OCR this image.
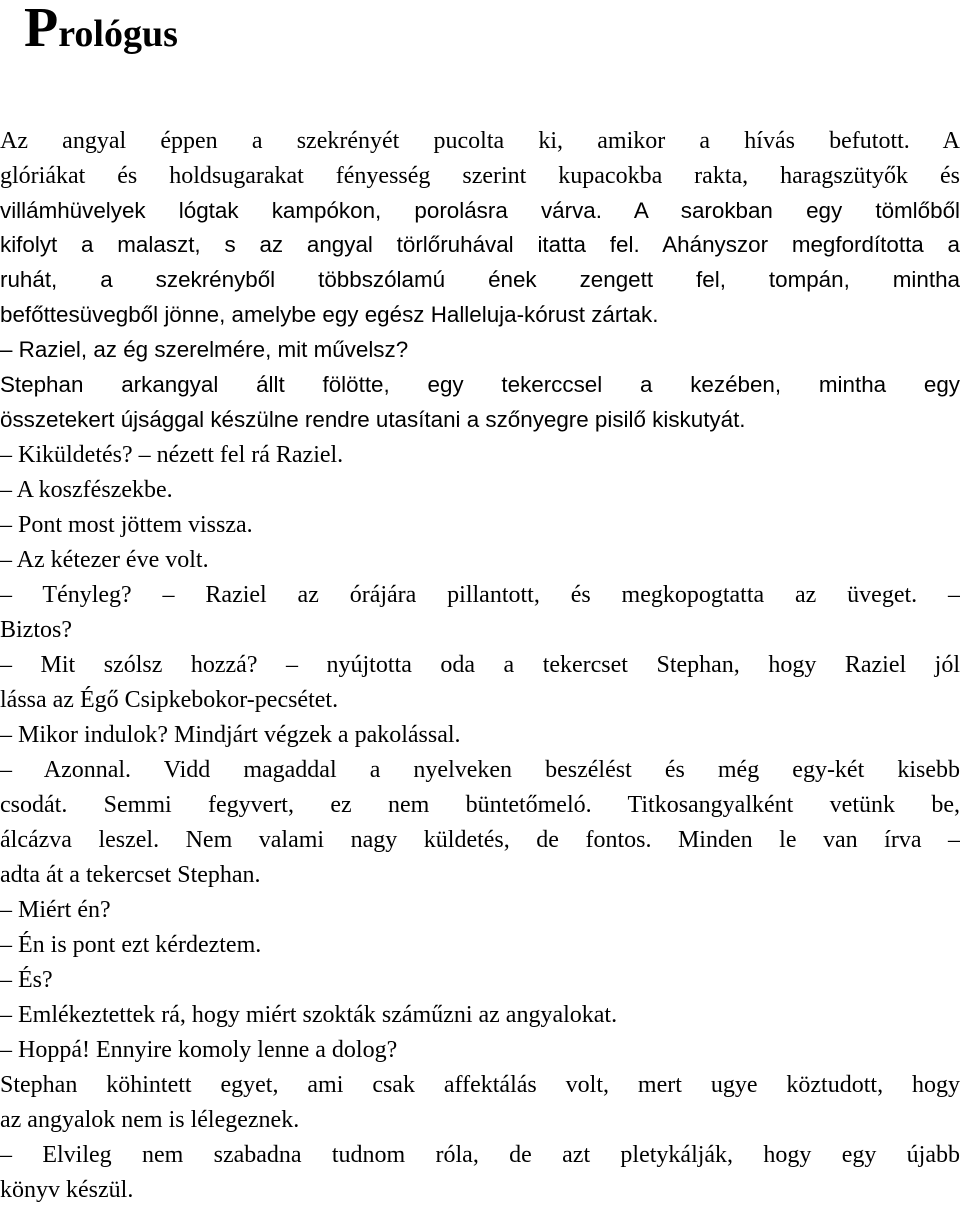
Prológus
Az angyal éppen a szekrényét pucolta ki, amikor a hívás befutott. A
glóriákat és holdsugarakat fényesség szerint kupacokba rakta, haragszütyők és
villámhüvelyek lógtak kampókon, porolásra várva. A sarokban egy tömlőből
kifolyt a malaszt, s az angyal törlőruhával itatta fel. Ahányszor megfordította a
ruhát, a szekrényből többszólamú ének zengett fel, tompán, mintha
befőttesüvegből jönne, amelybe egy egész Halleluja-kórust zártak.
– Raziel, az ég szerelmére, mit művelsz?
Stephan arkangyal állt fölötte, egy tekerccsel a kezében, mintha egy
összetekert újsággal készülne rendre utasítani a szőnyegre pisilő kiskutyát.
– Kiküldetés? – nézett fel rá Raziel.
– A koszfészekbe.
– Pont most jöttem vissza.
– Az kétezer éve volt.
– Tényleg? – Raziel az órájára pillantott, és megkopogtatta az üveget. –
Biztos?
– Mit szólsz hozzá? – nyújtotta oda a tekercset Stephan, hogy Raziel jól
lássa az Égő Csipkebokor-pecsétet.
– Mikor indulok? Mindjárt végzek a pakolással.
– Azonnal. Vidd magaddal a nyelveken beszélést és még egy-két kisebb
csodát. Semmi fegyvert, ez nem büntetőmeló. Titkosangyalként vetünk be,
álcázva leszel. Nem valami nagy küldetés, de fontos. Minden le van írva –
adta át a tekercset Stephan.
– Miért én?
– Én is pont ezt kérdeztem.
– És?
– Emlékeztettek rá, hogy miért szokták száműzni az angyalokat.
– Hoppá! Ennyire komoly lenne a dolog?
Stephan köhintett egyet, ami csak affektálás volt, mert ugye köztudott, hogy
az angyalok nem is lélegeznek.
– Elvileg nem szabadna tudnom róla, de azt pletykálják, hogy egy újabb
könyv készül.
